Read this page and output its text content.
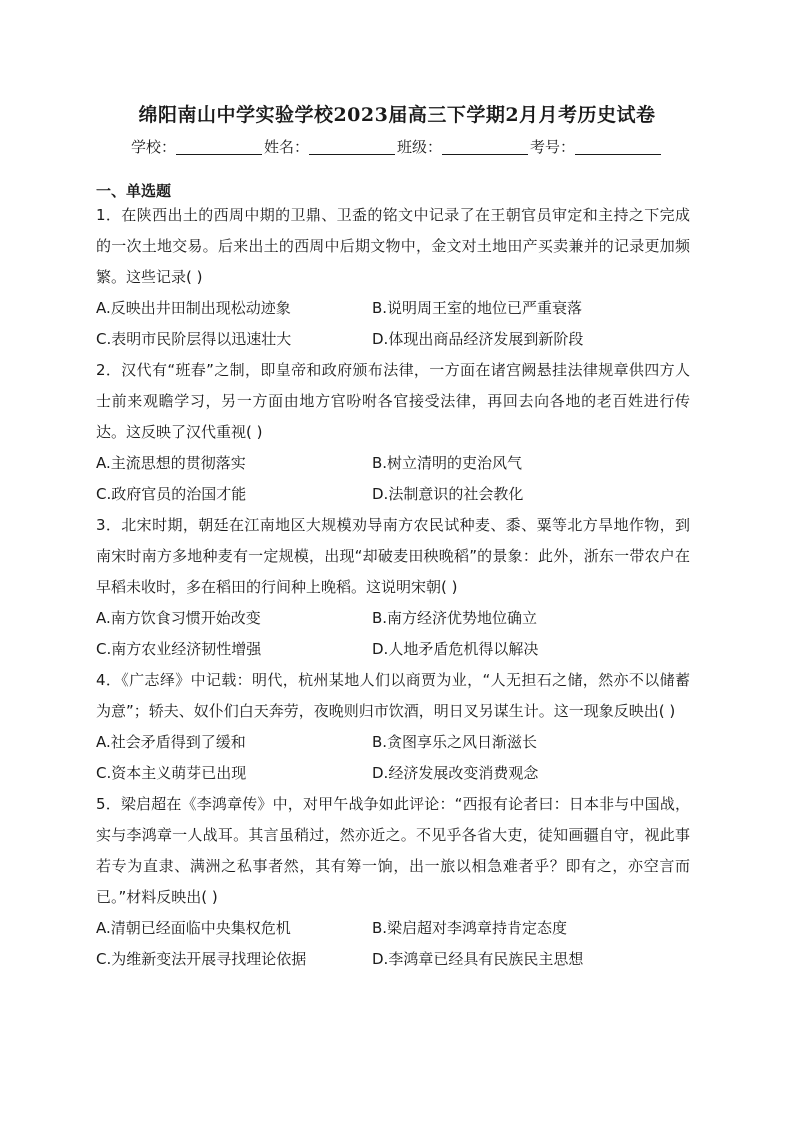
绵阳南山中学实验学校2023届高三下学期2月月考历史试卷
学校：	姓名：	班级：	考号：
一、单选题

1．在陕西出土的西周中期的卫鼎、卫盉的铭文中记录了在王朝官员审定和主持之下完成的一次土地交易。后来出土的西周中后期文物中，金文对土地田产买卖兼并的记录更加频繁。这些记录( )

A.反映出井田制出现松动迹象	B.说明周王室的地位已严重衰落
C.表明市民阶层得以迅速壮大	D.体现出商品经济发展到新阶段

2．汉代有“班春”之制，即皇帝和政府颁布法律，一方面在诸宫阙悬挂法律规章供四方人士前来观瞻学习，另一方面由地方官吩咐各官接受法律，再回去向各地的老百姓进行传达。这反映了汉代重视( )

A.主流思想的贯彻落实	B.树立清明的吏治风气
C.政府官员的治国才能	D.法制意识的社会教化

3．北宋时期，朝廷在江南地区大规模劝导南方农民试种麦、黍、粟等北方旱地作物，到南宋时南方多地种麦有一定规模，出现“却破麦田秧晚稻”的景象：此外，浙东一带农户在早稻未收时，多在稻田的行间种上晚稻。这说明宋朝( )

A.南方饮食习惯开始改变	B.南方经济优势地位确立
C.南方农业经济韧性增强	D.人地矛盾危机得以解决

4．《广志绎》中记载：明代，杭州某地人们以商贾为业，“人无担石之储，然亦不以储蓄为意”；轿夫、奴仆们白天奔劳，夜晚则归市饮酒，明日叉另谋生计。这一现象反映出( )

A.社会矛盾得到了缓和	B.贪图享乐之风日渐滋长
C.资本主义萌芽已出现	D.经济发展改变消费观念

5．梁启超在《李鸿章传》中，对甲午战争如此评论：“西报有论者曰：日本非与中国战，实与李鸿章一人战耳。其言虽稍过，然亦近之。不见乎各省大吏，徒知画疆自守，视此事若专为直隶、满洲之私事者然，其有筹一饷，出一旅以相急难者乎？即有之，亦空言而已。”材料反映出( )

A.清朝已经面临中央集权危机	B.梁启超对李鸿章持肯定态度
C.为维新变法开展寻找理论依据	D.李鸿章已经具有民族民主思想
